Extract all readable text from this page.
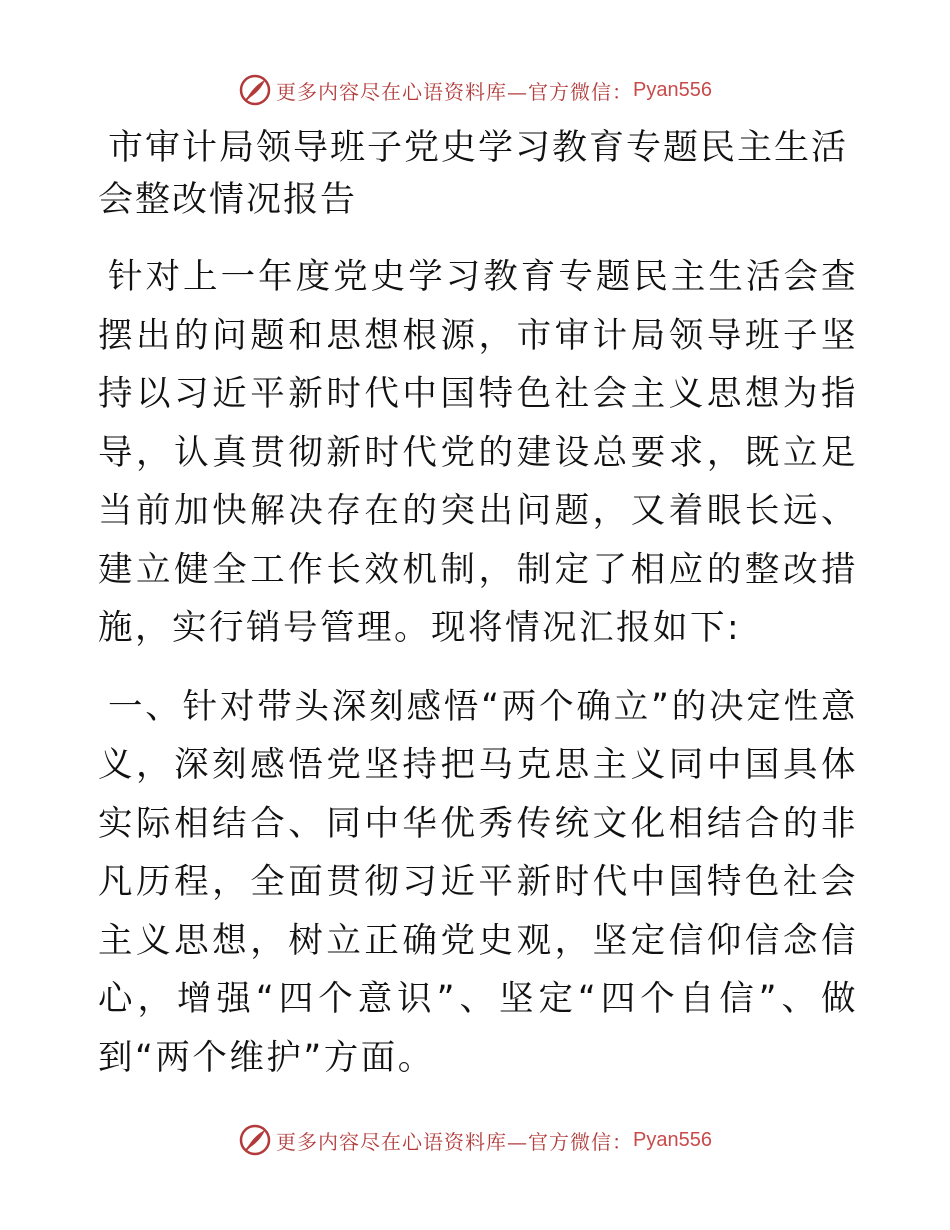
更多内容尽在心语资料库—官方微信： Pyan556
市审计局领导班子党史学习教育专题民主生活会整改情况报告

针对上一年度党史学习教育专题民主生活会查摆出的问题和思想根源，市审计局领导班子坚持以习近平新时代中国特色社会主义思想为指导，认真贯彻新时代党的建设总要求，既立足当前加快解决存在的突出问题，又着眼长远、建立健全工作长效机制，制定了相应的整改措施，实行销号管理。现将情况汇报如下:

一、针对带头深刻感悟“两个确立”的决定性意义，深刻感悟党坚持把马克思主义同中国具体实际相结合、同中华优秀传统文化相结合的非凡历程，全面贯彻习近平新时代中国特色社会主义思想，树立正确党史观，坚定信仰信念信心，增强“四个意识”、坚定“四个自信”、做到“两个维护”方面。

更多内容尽在心语资料库—官方微信： Pyan556
